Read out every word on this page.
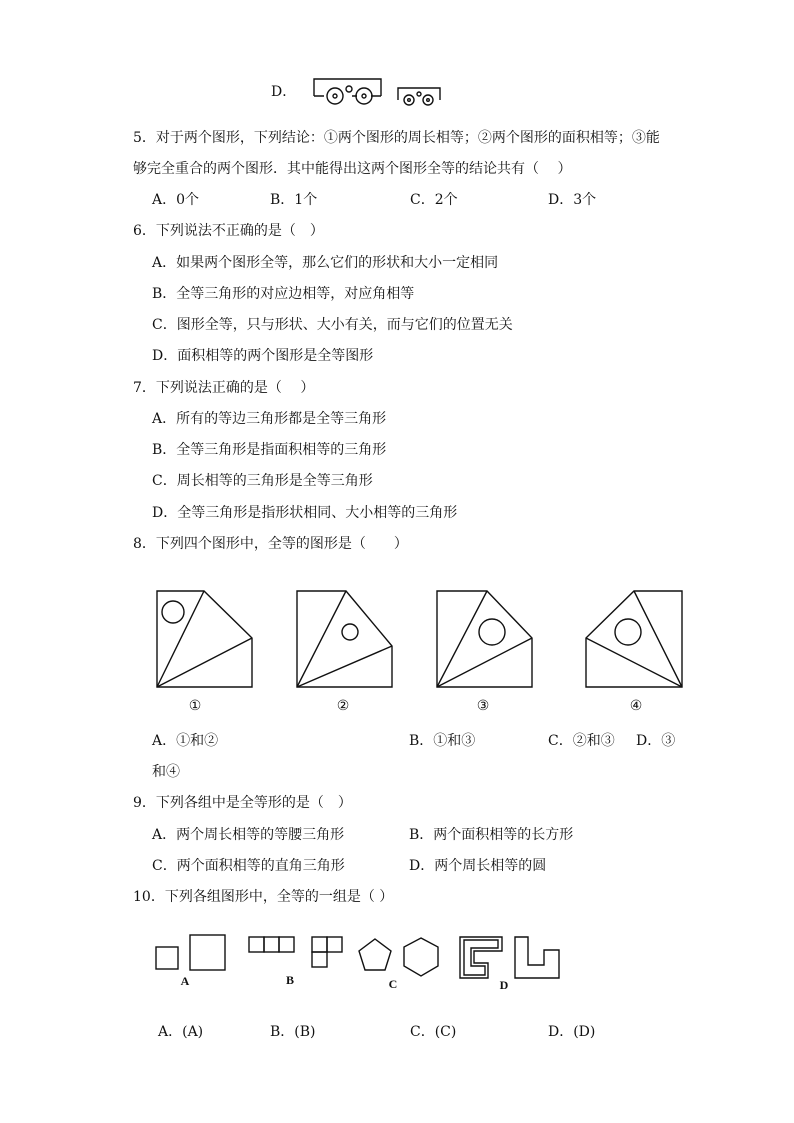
D．
5．对于两个图形，下列结论：①两个图形的周长相等；②两个图形的面积相等；③能
够完全重合的两个图形．其中能得出这两个图形全等的结论共有（　 ）
A．0个	B．1个	C．2个	D．3个
6．下列说法不正确的是（　）
A．如果两个图形全等，那么它们的形状和大小一定相同
B．全等三角形的对应边相等，对应角相等
C．图形全等，只与形状、大小有关，而与它们的位置无关
D．面积相等的两个图形是全等图形
7．下列说法正确的是（　 ）
A．所有的等边三角形都是全等三角形
B．全等三角形是指面积相等的三角形
C．周长相等的三角形是全等三角形
D．全等三角形是指形状相同、大小相等的三角形
8．下列四个图形中，全等的图形是（　　）
①	②	③	④
A．①和②	B．①和③	C．②和③ D．③
和④
9．下列各组中是全等形的是（　）
A．两个周长相等的等腰三角形	B．两个面积相等的长方形
C．两个面积相等的直角三角形	D．两个周长相等的圆
10．下列各组图形中，全等的一组是（ ）
A	B	C	D
A．(A)	B．(B)	C．(C)	D．(D)
